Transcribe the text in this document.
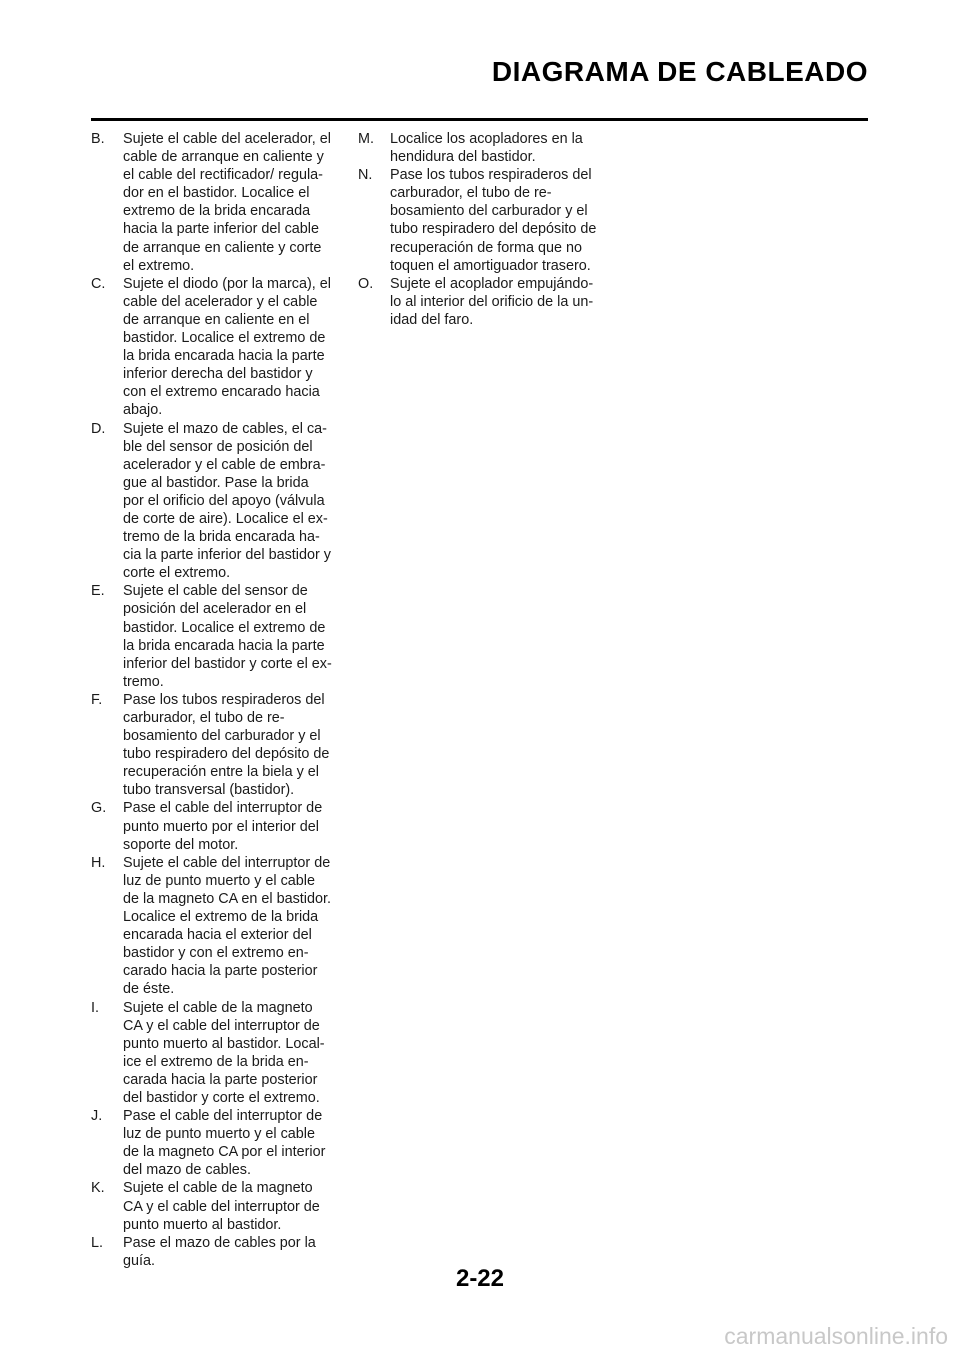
DIAGRAMA DE CABLEADO
B.	Sujete el cable del acelerador, el
cable de arranque en caliente y
el cable del rectificador/ regula-
dor en el bastidor. Localice el
extremo de la brida encarada
hacia la parte inferior del cable
de arranque en caliente y corte
el extremo.
C.	Sujete el diodo (por la marca), el
cable del acelerador y el cable
de arranque en caliente en el
bastidor. Localice el extremo de
la brida encarada hacia la parte
inferior derecha del bastidor y
con el extremo encarado hacia
abajo.
D.	Sujete el mazo de cables, el ca-
ble del sensor de posición del
acelerador y el cable de embra-
gue al bastidor. Pase la brida
por el orificio del apoyo (válvula
de corte de aire). Localice el ex-
tremo de la brida encarada ha-
cia la parte inferior del bastidor y
corte el extremo.
E.	Sujete el cable del sensor de
posición del acelerador en el
bastidor. Localice el extremo de
la brida encarada hacia la parte
inferior del bastidor y corte el ex-
tremo.
F.	Pase los tubos respiraderos del
carburador, el tubo de re-
bosamiento del carburador y el
tubo respiradero del depósito de
recuperación entre la biela y el
tubo transversal (bastidor).
G.	Pase el cable del interruptor de
punto muerto por el interior del
soporte del motor.
H.	Sujete el cable del interruptor de
luz de punto muerto y el cable
de la magneto CA en el bastidor.
Localice el extremo de la brida
encarada hacia el exterior del
bastidor y con el extremo en-
carado hacia la parte posterior
de éste.
I.	Sujete el cable de la magneto
CA y el cable del interruptor de
punto muerto al bastidor. Local-
ice el extremo de la brida en-
carada hacia la parte posterior
del bastidor y corte el extremo.
J.	Pase el cable del interruptor de
luz de punto muerto y el cable
de la magneto CA por el interior
del mazo de cables.
K.	Sujete el cable de la magneto
CA y el cable del interruptor de
punto muerto al bastidor.
L.	Pase el mazo de cables por la
guía.
M.	Localice los acopladores en la
hendidura del bastidor.
N.	Pase los tubos respiraderos del
carburador, el tubo de re-
bosamiento del carburador y el
tubo respiradero del depósito de
recuperación de forma que no
toquen el amortiguador trasero.
O.	Sujete el acoplador empujándo-
lo al interior del orificio de la un-
idad del faro.
2-22
carmanualsonline.info
